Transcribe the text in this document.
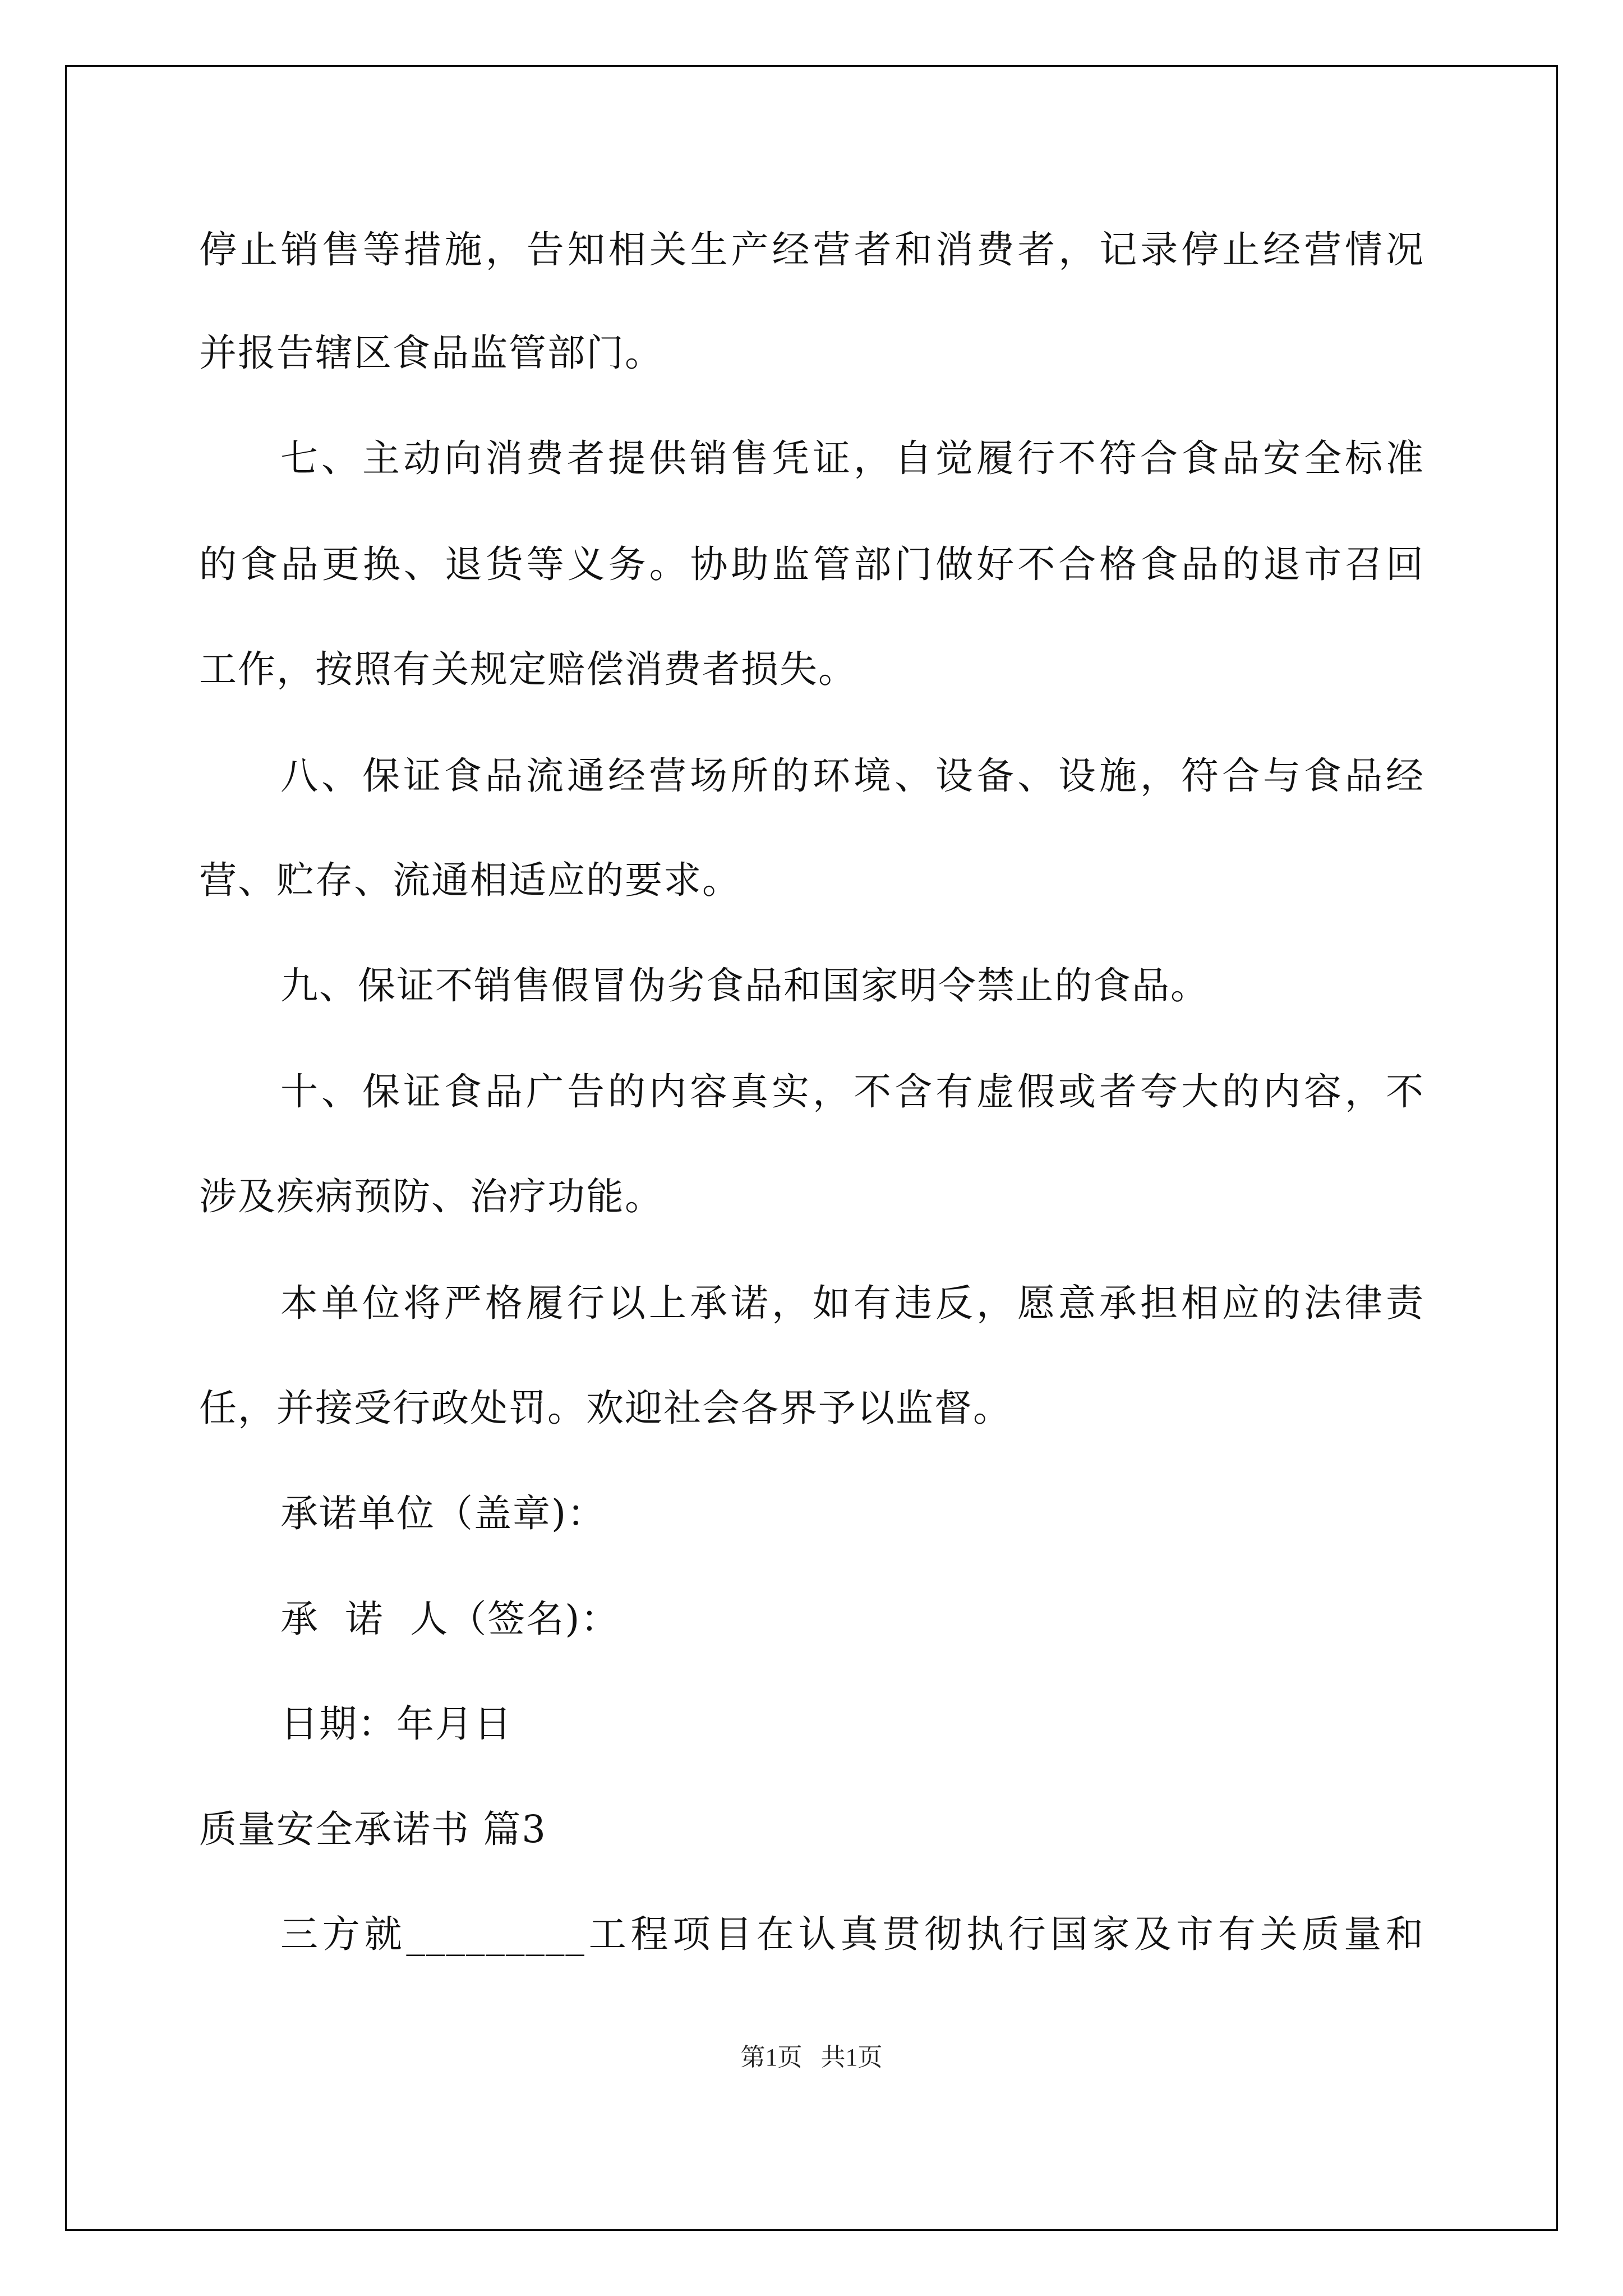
停止销售等措施，告知相关生产经营者和消费者，记录停止经营情况
并报告辖区食品监管部门。
七、主动向消费者提供销售凭证，自觉履行不符合食品安全标准
的食品更换、退货等义务。协助监管部门做好不合格食品的退市召回
工作，按照有关规定赔偿消费者损失。
八、保证食品流通经营场所的环境、设备、设施，符合与食品经
营、贮存、流通相适应的要求。
九、保证不销售假冒伪劣食品和国家明令禁止的食品。
十、保证食品广告的内容真实，不含有虚假或者夸大的内容，不
涉及疾病预防、治疗功能。
本单位将严格履行以上承诺，如有违反，愿意承担相应的法律责
任，并接受行政处罚。欢迎社会各界予以监督。
承诺单位（盖章)：
承  诺  人（签名)：
日期：年月日
质量安全承诺书 篇3
三方就_________工程项目在认真贯彻执行国家及市有关质量和
第1页   共1页
